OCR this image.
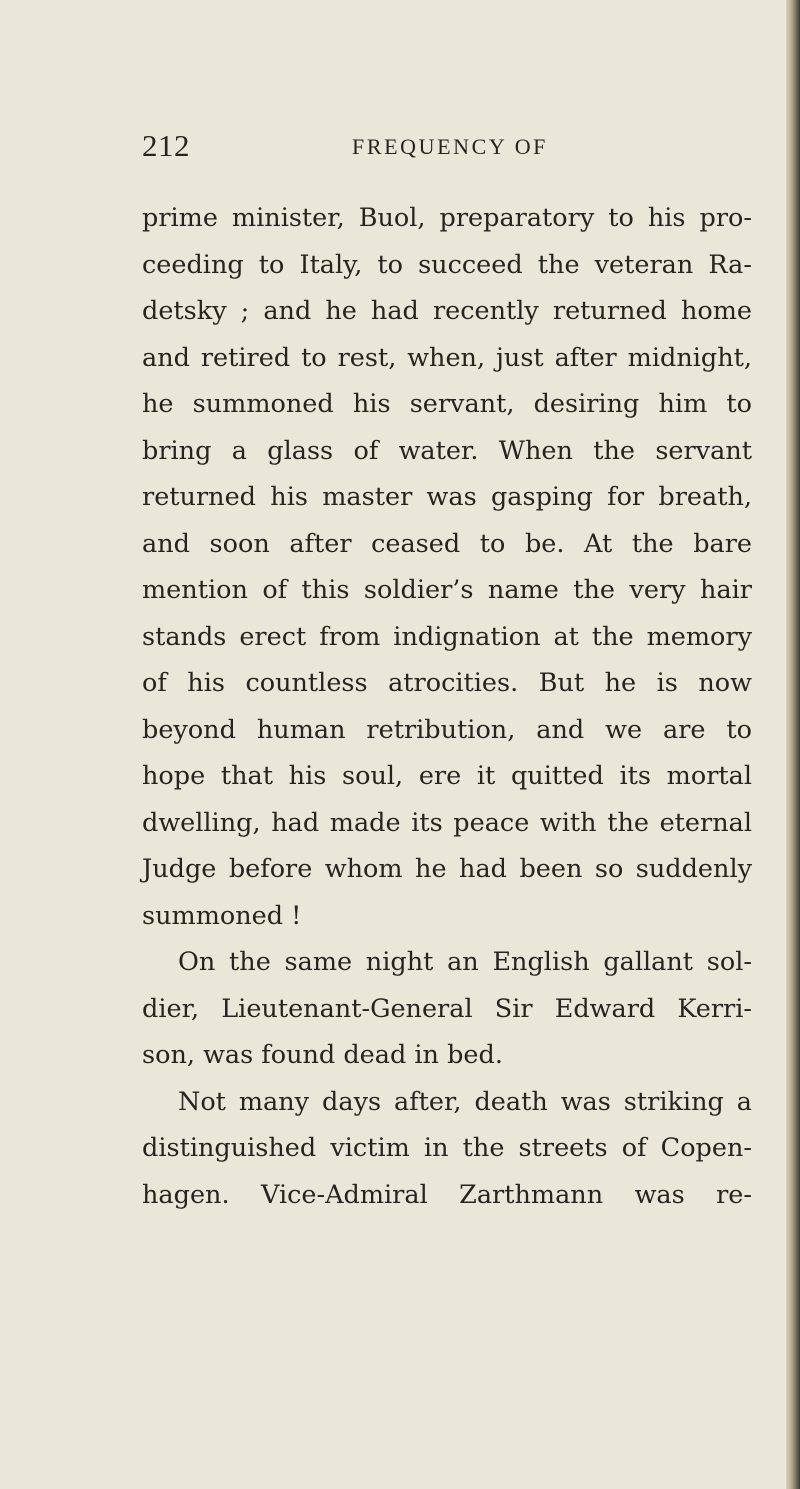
212	FREQUENCY OF
prime minister, Buol, preparatory to his pro-
ceeding to Italy, to succeed the veteran Ra-
detsky ; and he had recently returned home
and retired to rest, when, just after midnight,
he summoned his servant, desiring him to
bring a glass of water. When the servant
returned his master was gasping for breath,
and soon after ceased to be. At the bare
mention of this soldier’s name the very hair
stands erect from indignation at the memory
of his countless atrocities. But he is now
beyond human retribution, and we are to
hope that his soul, ere it quitted its mortal
dwelling, had made its peace with the eternal
Judge before whom he had been so suddenly
summoned !
On the same night an English gallant sol-
dier, Lieutenant-General Sir Edward Kerri-
son, was found dead in bed.
Not many days after, death was striking a
distinguished victim in the streets of Copen-
hagen. Vice-Admiral Zarthmann was re-
